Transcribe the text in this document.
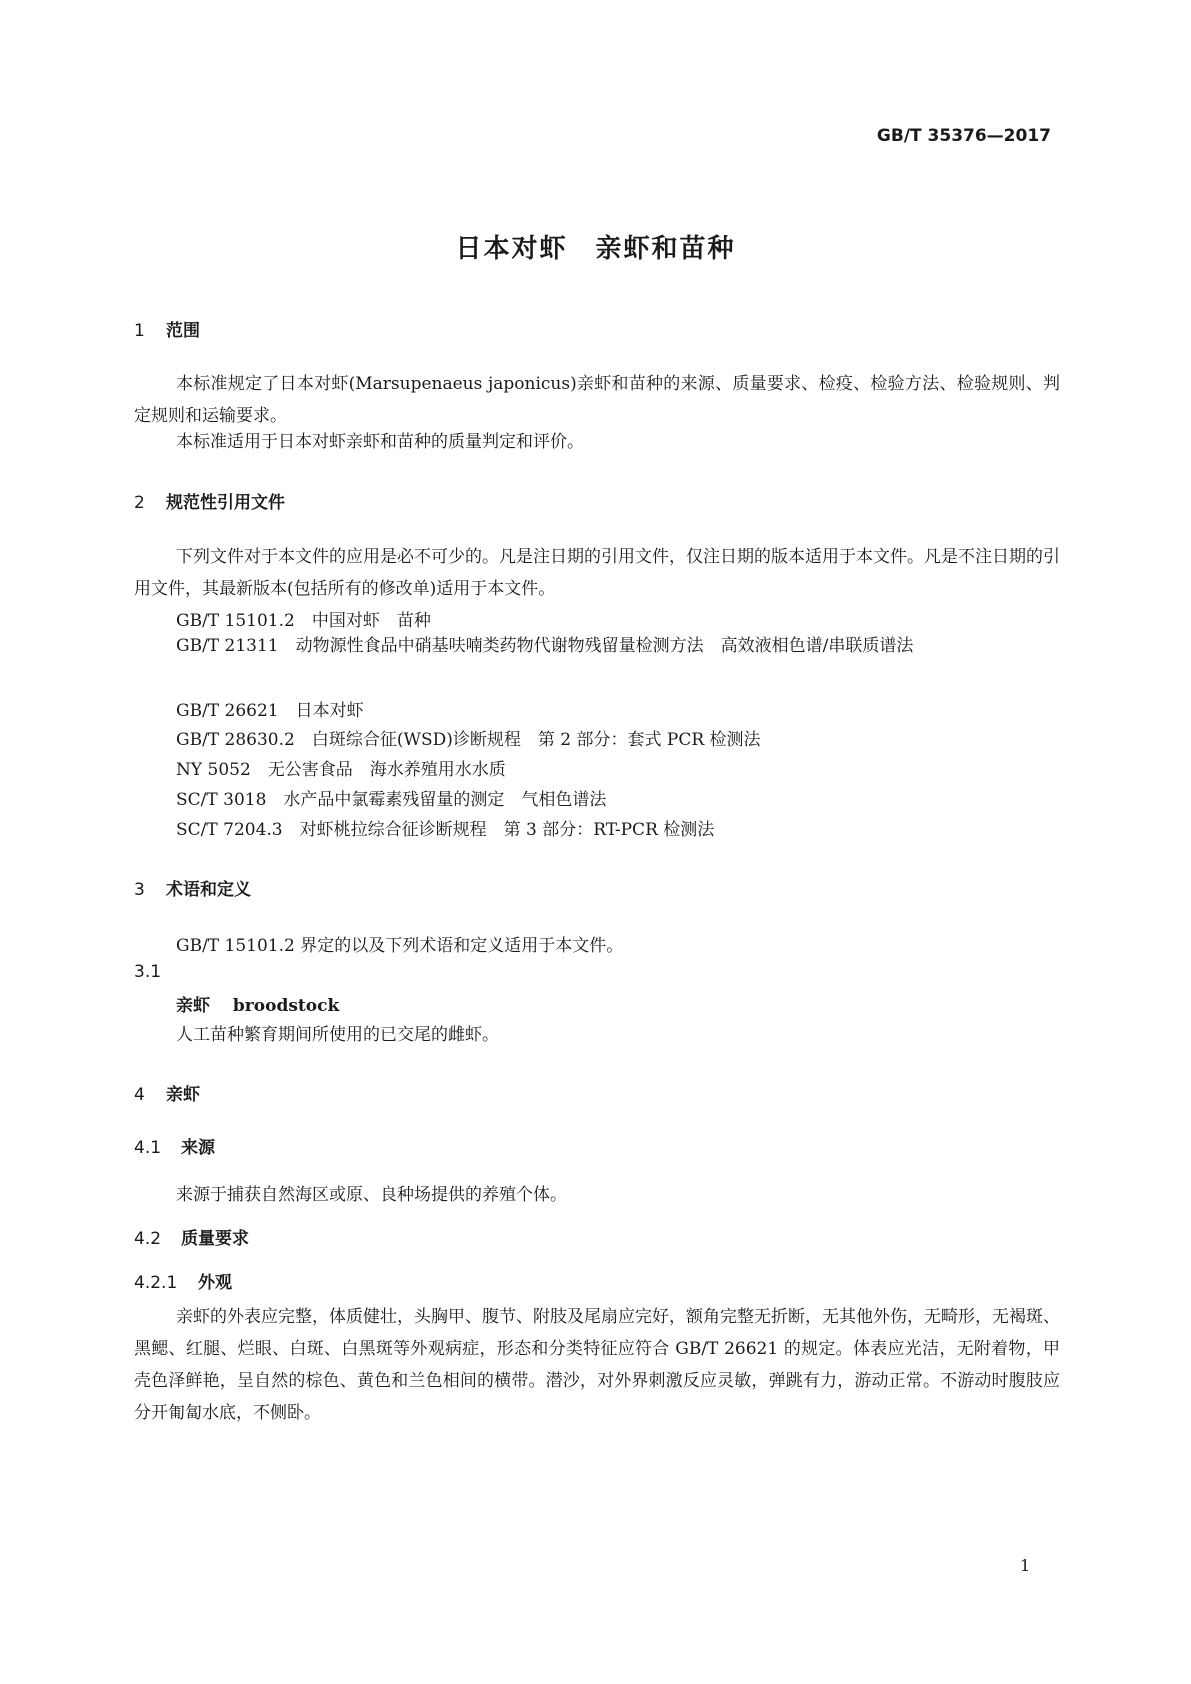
GB/T 35376—2017
日本对虾　亲虾和苗种
1 范围

本标准规定了日本对虾(Marsupenaeus japonicus)亲虾和苗种的来源、质量要求、检疫、检验方法、检验规则、判定规则和运输要求。

本标准适用于日本对虾亲虾和苗种的质量判定和评价。

2 规范性引用文件

下列文件对于本文件的应用是必不可少的。凡是注日期的引用文件，仅注日期的版本适用于本文件。凡是不注日期的引用文件，其最新版本(包括所有的修改单)适用于本文件。

GB/T 15101.2　中国对虾　苗种

GB/T 21311　动物源性食品中硝基呋喃类药物代谢物残留量检测方法　高效液相色谱/串联质谱法

GB/T 26621　日本对虾
GB/T 28630.2　白斑综合征(WSD)诊断规程　第 2 部分：套式 PCR 检测法
NY 5052　无公害食品　海水养殖用水水质
SC/T 3018　水产品中氯霉素残留量的测定　气相色谱法
SC/T 7204.3　对虾桃拉综合征诊断规程　第 3 部分：RT-PCR 检测法
3 术语和定义
GB/T 15101.2 界定的以及下列术语和定义适用于本文件。
3.1
亲虾　 broodstock
人工苗种繁育期间所使用的已交尾的雌虾。
4 亲虾
4.1 来源
来源于捕获自然海区或原、良种场提供的养殖个体。
4.2 质量要求
4.2.1 外观

亲虾的外表应完整，体质健壮，头胸甲、腹节、附肢及尾扇应完好，额角完整无折断，无其他外伤，无畸形，无褐斑、黑鳃、红腿、烂眼、白斑、白黑斑等外观病症，形态和分类特征应符合 GB/T 26621 的规定。体表应光洁，无附着物，甲壳色泽鲜艳，呈自然的棕色、黄色和兰色相间的横带。潜沙，对外界刺激反应灵敏，弹跳有力，游动正常。不游动时腹肢应分开匍匐水底，不侧卧。

1
